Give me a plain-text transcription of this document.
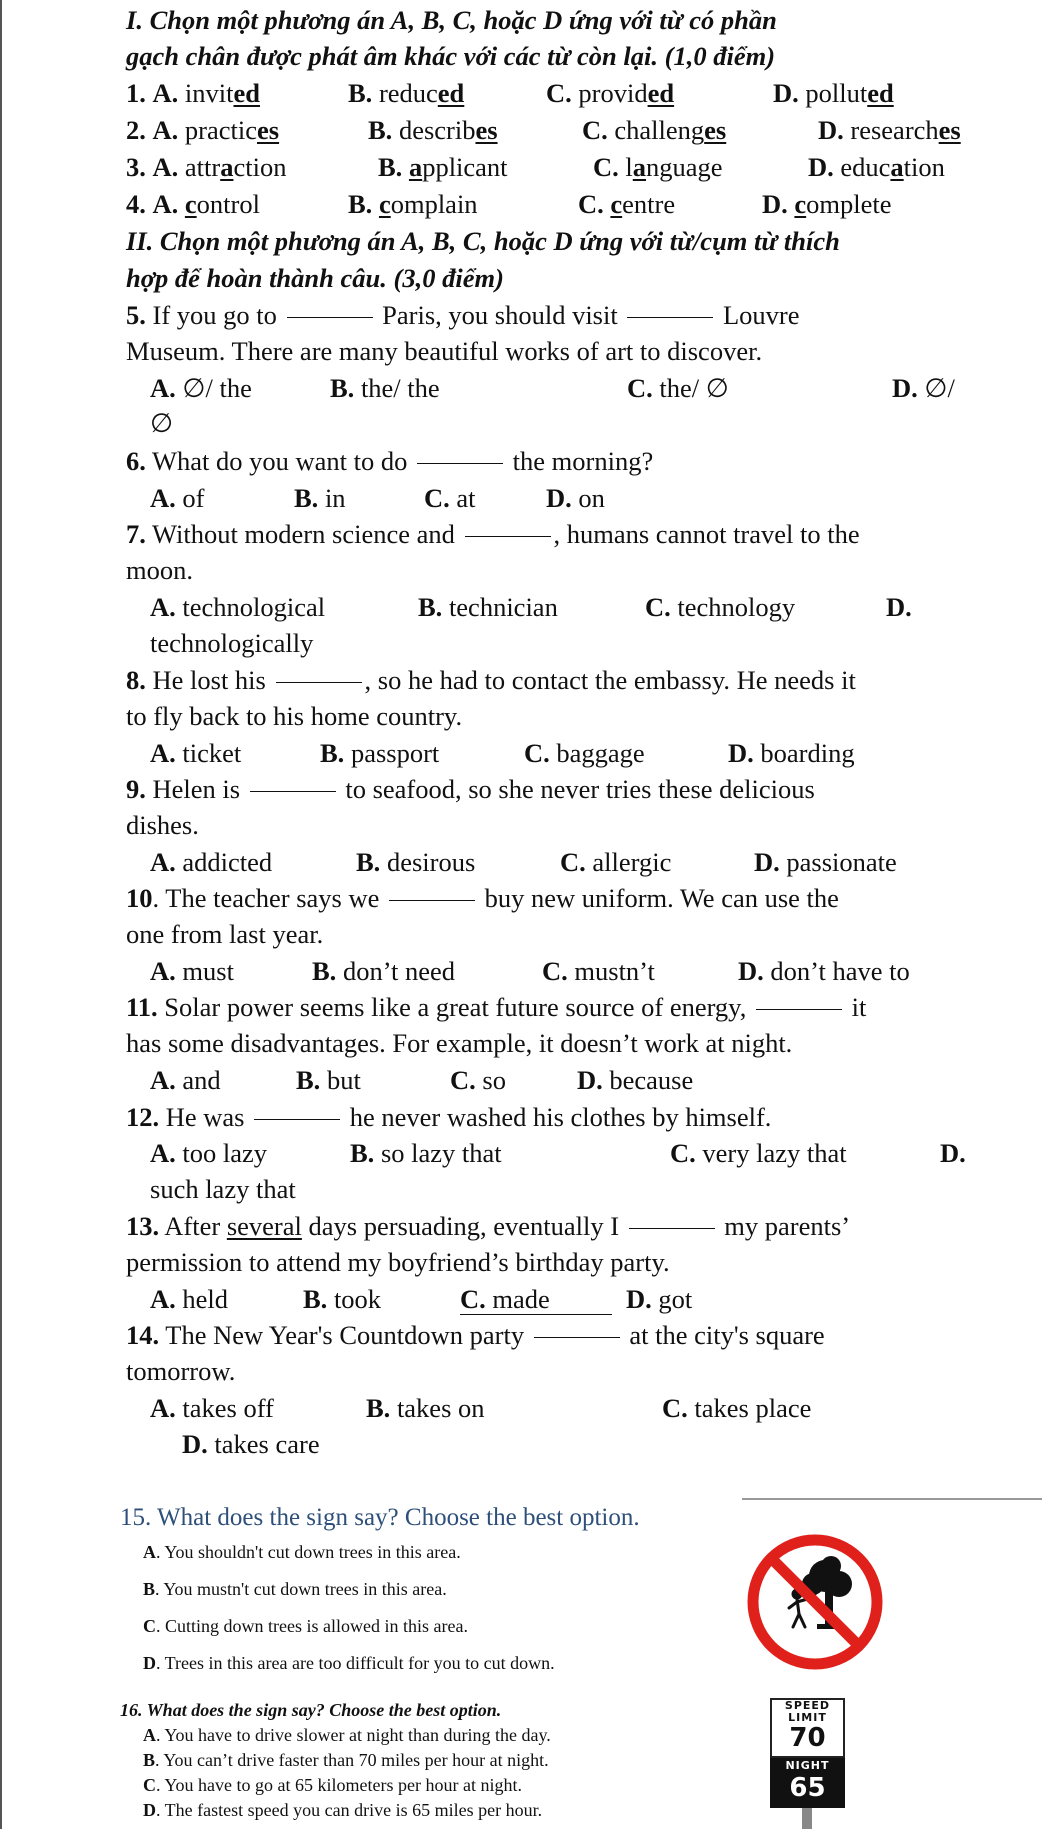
I. Chọn một phương án A, B, C, hoặc D ứng với từ có phần
gạch chân được phát âm khác với các từ còn lại. (1,0 điểm)
1. A. invited	B. reduced	C. provided	D. polluted
2. A. practices	B. describes	C. challenges	D. researches
3. A. attraction	B. applicant	C. language	D. education
4. A. control	B. complain	C. centre	D. complete
II. Chọn một phương án A, B, C, hoặc D ứng với từ/cụm từ thích
hợp để hoàn thành câu. (3,0 điểm)
5. If you go to	Paris, you should visit	Louvre
Museum. There are many beautiful works of art to discover.
A. ∅/ the	B. the/ the	C. the/ ∅	D. ∅/
∅
6. What do you want to do	the morning?
A. of	B. in	C. at	D. on
7. Without modern science and	, humans cannot travel to the
moon.
A. technological	B. technician	C. technology	D.
technologically
8. He lost his	, so he had to contact the embassy. He needs it
to fly back to his home country.
A. ticket	B. passport	C. baggage	D. boarding
9. Helen is	to seafood, so she never tries these delicious
dishes.
A. addicted	B. desirous	C. allergic	D. passionate
10. The teacher says we	buy new uniform. We can use the
one from last year.
A. must	B. don’t need	C. mustn’t	D. don’t have to
11. Solar power seems like a great future source of energy,	it
has some disadvantages. For example, it doesn’t work at night.
A. and	B. but	C. so	D. because
12. He was	he never washed his clothes by himself.
A. too lazy	B. so lazy that	C. very lazy that	D.
such lazy that
13. After several days persuading, eventually I	my parents’
permission to attend my boyfriend’s birthday party.
A. held	B. took	C. made	D. got
14. The New Year's Countdown party	at the city's square
tomorrow.
A. takes off	B. takes on	C. takes place
D. takes care
15. What does the sign say? Choose the best option.
A. You shouldn't cut down trees in this area.
B. You mustn't cut down trees in this area.
C. Cutting down trees is allowed in this area.
D. Trees in this area are too difficult for you to cut down.
16. What does the sign say? Choose the best option.
A. You have to drive slower at night than during the day.
B. You can’t drive faster than 70 miles per hour at night.
C. You have to go at 65 kilometers per hour at night.
D. The fastest speed you can drive is 65 miles per hour.
SPEED
LIMIT
70
NIGHT
65
